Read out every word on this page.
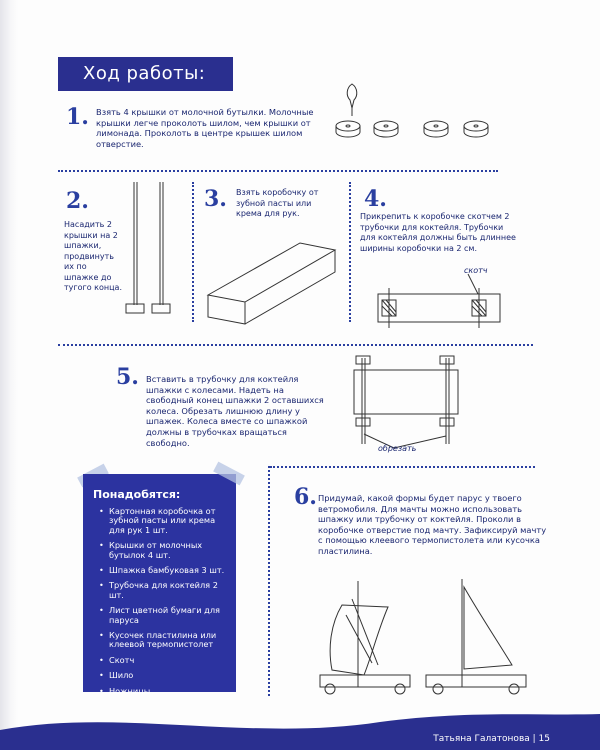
Ход работы:
1. Взять 4 крышки от молочной бутылки. Молочные крышки легче проколоть шилом, чем крышки от лимонада. Проколоть в центре крышек шилом отверстие.
2.
Насадить 2 крышки на 2 шпажки, продвинуть их по шпажке до тугого конца.
3. Взять коробочку от зубной пасты или крема для рук.
4.
Прикрепить к коробочке скотчем 2 трубочки для коктейля. Трубочки для коктейля должны быть длиннее ширины коробочки на 2 см.
скотч
5. Вставить в трубочку для коктейля шпажки с колесами. Надеть на свободный конец шпажки 2 оставшихся колеса. Обрезать лишнюю длину у шпажек. Колеса вместе со шпажкой должны в трубочках вращаться свободно.
обрезать
Понадобятся:
• Картонная коробочка от зубной пасты или крема для рук 1 шт.
• Крышки от молочных бутылок 4 шт.
• Шпажка бамбуковая 3 шт.
• Трубочка для коктейля 2 шт.
• Лист цветной бумаги для паруса
• Кусочек пластилина или клеевой термопистолет
• Скотч
• Шило
• Ножницы
6. Придумай, какой формы будет парус у твоего ветромобиля. Для мачты можно использовать шпажку или трубочку от коктейля. Проколи в коробочке отверстие под мачту. Зафиксируй мачту с помощью клеевого термопистолета или кусочка пластилина.
Татьяна Галатонова | 15
